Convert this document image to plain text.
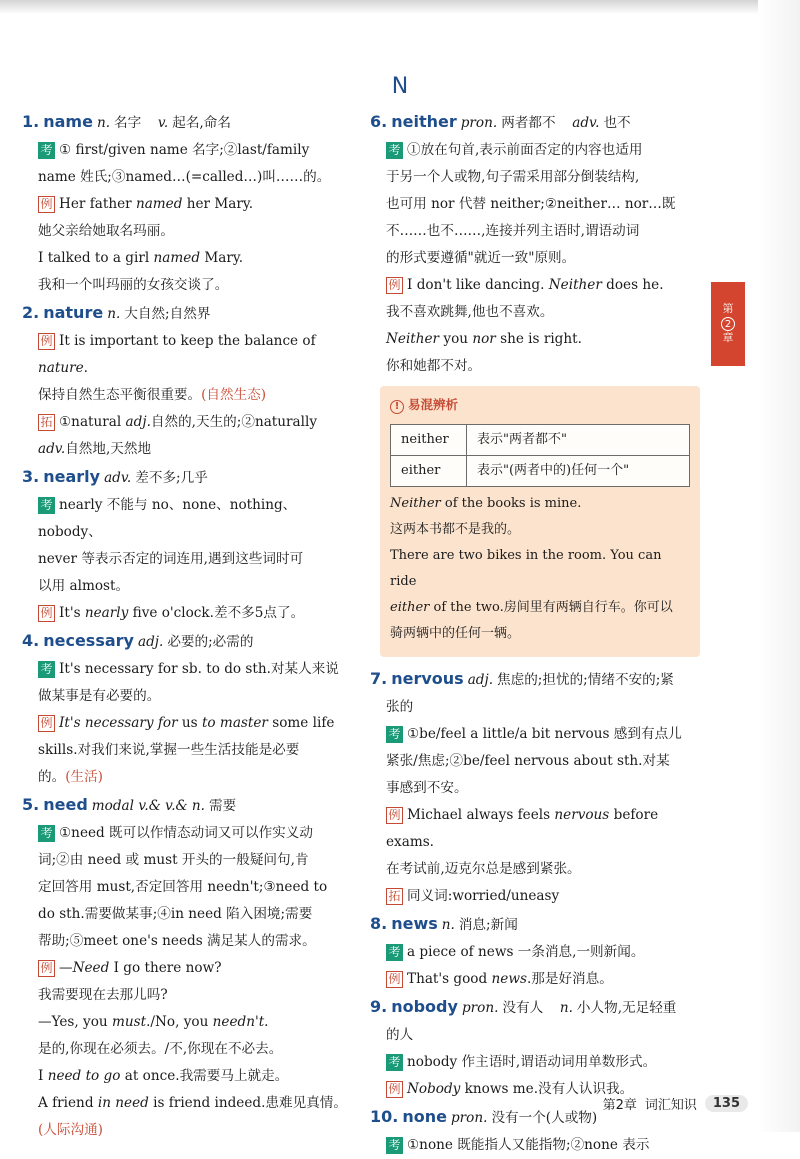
N
第
2
章
1. name n. 名字
v. 起名,命名
考 ① first/given name 名字;②last/family
name 姓氏;③named…(=called…)叫……的。
例 Her father named her Mary.
她父亲给她取名玛丽。
I talked to a girl named Mary.
我和一个叫玛丽的女孩交谈了。
2. nature n. 大自然;自然界
例 It is important to keep the balance of nature.
保持自然生态平衡很重要。(自然生态)
拓 ①natural adj.自然的,天生的;②naturally
adv.自然地,天然地
3. nearly adv. 差不多;几乎
考 nearly 不能与 no、none、nothing、nobody、
never 等表示否定的词连用,遇到这些词时可
以用 almost。
例 It's nearly five o'clock.差不多5点了。
4. necessary adj. 必要的;必需的
考 It's necessary for sb. to do sth.对某人来说
做某事是有必要的。
例 It's necessary for us to master some life
skills.对我们来说,掌握一些生活技能是必要
的。(生活)
5. need modal v.& v.& n. 需要
考 ①need 既可以作情态动词又可以作实义动
词;②由 need 或 must 开头的一般疑问句,肯
定回答用 must,否定回答用 needn't;③need to
do sth.需要做某事;④in need 陷入困境;需要
帮助;⑤meet one's needs 满足某人的需求。
例 —Need I go there now?
我需要现在去那儿吗?
—Yes, you must./No, you needn't.
是的,你现在必须去。/不,你现在不必去。
I need to go at once.我需要马上就走。
A friend in need is friend indeed.患难见真情。
(人际沟通)
6. neither pron. 两者都不
adv. 也不
考 ①放在句首,表示前面否定的内容也适用
于另一个人或物,句子需采用部分倒装结构,
也可用 nor 代替 neither;②neither… nor…既
不……也不……,连接并列主语时,谓语动词
的形式要遵循"就近一致"原则。
例 I don't like dancing. Neither does he.
我不喜欢跳舞,他也不喜欢。
Neither you nor she is right.
你和她都不对。
! 易混辨析
neither	表示"两者都不"
either	表示"(两者中的)任何一个"
Neither of the books is mine.
这两本书都不是我的。
There are two bikes in the room. You can ride
either of the two.房间里有两辆自行车。你可以
骑两辆中的任何一辆。
7. nervous adj. 焦虑的;担忧的;情绪不安的;紧
张的
考 ①be/feel a little/a bit nervous 感到有点儿
紧张/焦虑;②be/feel nervous about sth.对某
事感到不安。
例 Michael always feels nervous before exams.
在考试前,迈克尔总是感到紧张。
拓 同义词:worried/uneasy
8. news n. 消息;新闻
考 a piece of news 一条消息,一则新闻。
例 That's good news.那是好消息。
9. nobody pron. 没有人
n. 小人物,无足轻重
的人
考 nobody 作主语时,谓语动词用单数形式。
例 Nobody knows me.没有人认识我。
10. none pron. 没有一个(人或物)
考 ①none 既能指人又能指物;②none 表示
第2章 词汇知识	135
